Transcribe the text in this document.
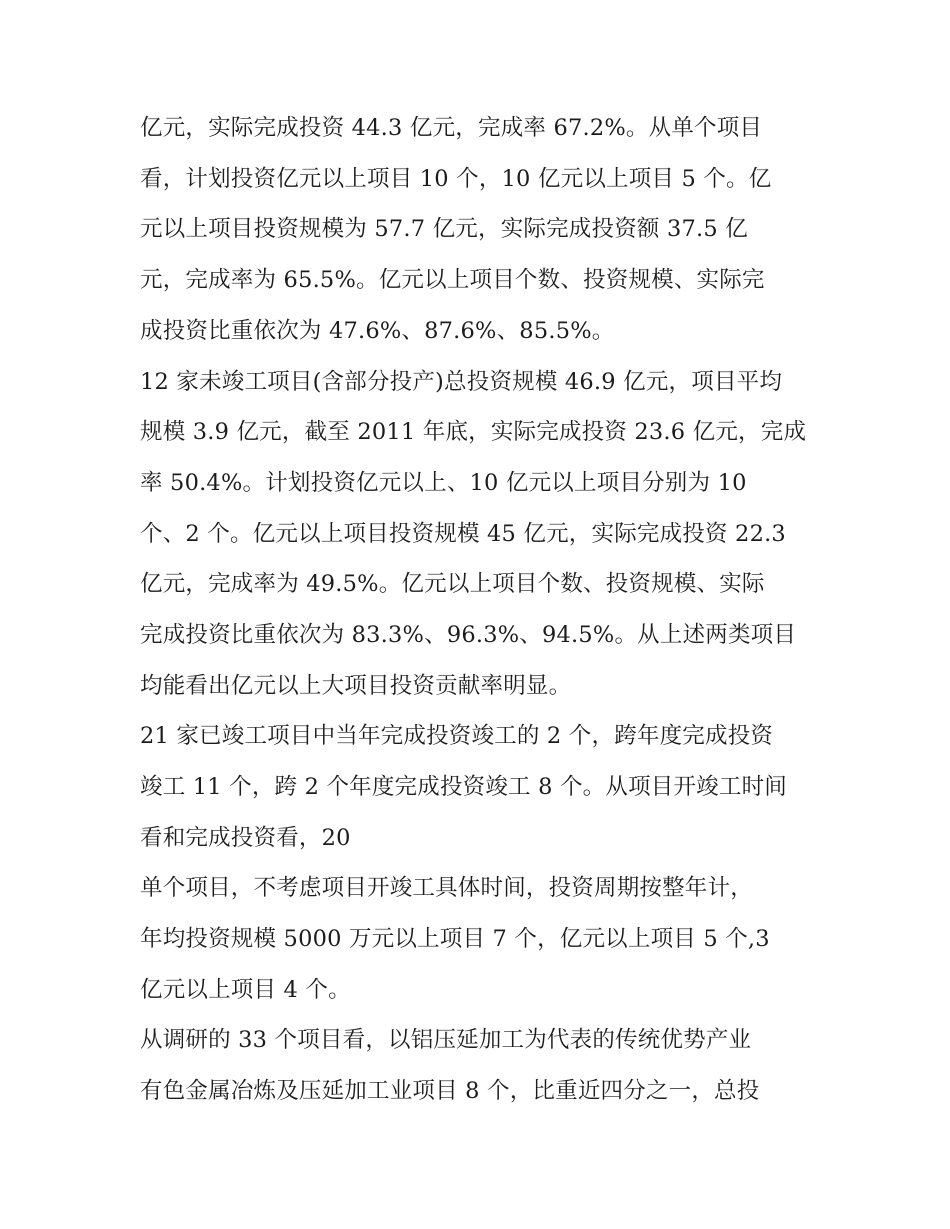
亿元，实际完成投资 44.3 亿元，完成率 67.2%。从单个项目
看，计划投资亿元以上项目 10 个，10 亿元以上项目 5 个。亿
元以上项目投资规模为 57.7 亿元，实际完成投资额 37.5 亿
元，完成率为 65.5%。亿元以上项目个数、投资规模、实际完
成投资比重依次为 47.6%、87.6%、85.5%。
12 家未竣工项目(含部分投产)总投资规模 46.9 亿元，项目平均
规模 3.9 亿元，截至 2011 年底，实际完成投资 23.6 亿元，完成
率 50.4%。计划投资亿元以上、10 亿元以上项目分别为 10
个、2 个。亿元以上项目投资规模 45 亿元，实际完成投资 22.3
亿元，完成率为 49.5%。亿元以上项目个数、投资规模、实际
完成投资比重依次为 83.3%、96.3%、94.5%。从上述两类项目
均能看出亿元以上大项目投资贡献率明显。
21 家已竣工项目中当年完成投资竣工的 2 个，跨年度完成投资
竣工 11 个，跨 2 个年度完成投资竣工 8 个。从项目开竣工时间
看和完成投资看，20
单个项目，不考虑项目开竣工具体时间，投资周期按整年计，
年均投资规模 5000 万元以上项目 7 个，亿元以上项目 5 个,3
亿元以上项目 4 个。
从调研的 33 个项目看，以铝压延加工为代表的传统优势产业
有色金属冶炼及压延加工业项目 8 个，比重近四分之一，总投
